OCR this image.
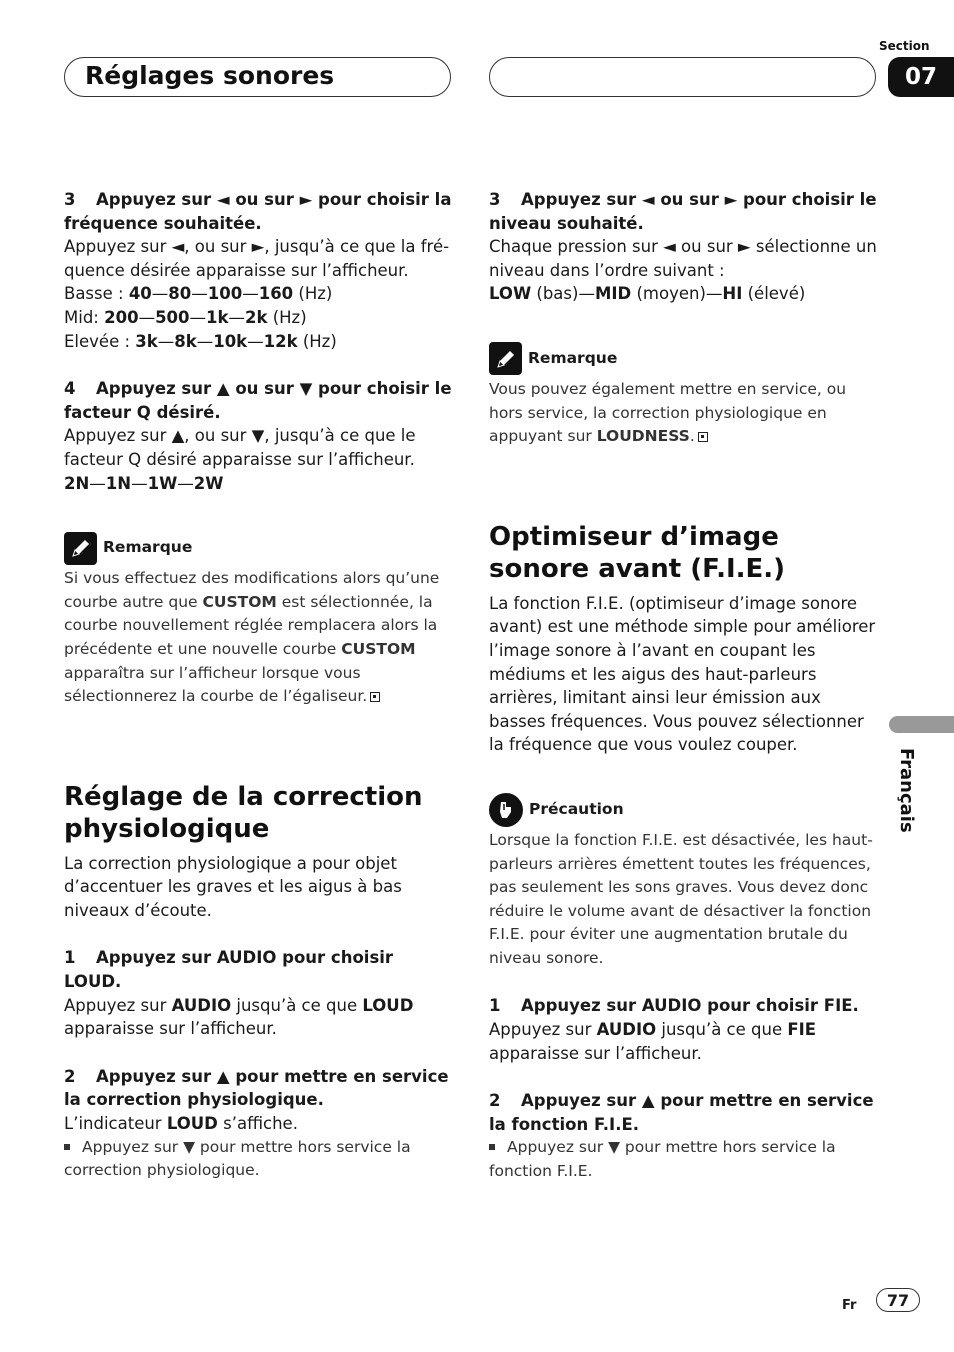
Réglages sonores
Section
07
Français

3 Appuyez sur ◄ ou sur ► pour choisir la fréquence souhaitée.

Appuyez sur ◄, ou sur ►, jusqu’à ce que la fré-quence désirée apparaisse sur l’afficheur.

Basse : 40—80—100—160 (Hz)

Mid: 200—500—1k—2k (Hz)

Elevée : 3k—8k—10k—12k (Hz)

4 Appuyez sur ▲ ou sur ▼ pour choisir le facteur Q désiré.

Appuyez sur ▲, ou sur ▼, jusqu’à ce que le facteur Q désiré apparaisse sur l’afficheur.

2N—1N—1W—2W

Remarque

Si vous effectuez des modifications alors qu’une courbe autre que CUSTOM est sélectionnée, la courbe nouvellement réglée remplacera alors la précédente et une nouvelle courbe CUSTOM apparaîtra sur l’afficheur lorsque vous sélectionnerez la courbe de l’égaliseur.

Réglage de la correction physiologique

La correction physiologique a pour objet d’accentuer les graves et les aigus à bas niveaux d’écoute.

1 Appuyez sur AUDIO pour choisir LOUD.

Appuyez sur AUDIO jusqu’à ce que LOUD apparaisse sur l’afficheur.

2 Appuyez sur ▲ pour mettre en service la correction physiologique.

L’indicateur LOUD s’affiche.

Appuyez sur ▼ pour mettre hors service la correction physiologique.

3 Appuyez sur ◄ ou sur ► pour choisir le niveau souhaité.

Chaque pression sur ◄ ou sur ► sélectionne un niveau dans l’ordre suivant :

LOW (bas)—MID (moyen)—HI (élevé)

Remarque

Vous pouvez également mettre en service, ou hors service, la correction physiologique en appuyant sur LOUDNESS.

Optimiseur d’image sonore avant (F.I.E.)

La fonction F.I.E. (optimiseur d’image sonore avant) est une méthode simple pour améliorer l’image sonore à l’avant en coupant les médiums et les aigus des haut-parleurs arrières, limitant ainsi leur émission aux basses fréquences. Vous pouvez sélectionner la fréquence que vous voulez couper.

Précaution

Lorsque la fonction F.I.E. est désactivée, les haut-parleurs arrières émettent toutes les fréquences, pas seulement les sons graves. Vous devez donc réduire le volume avant de désactiver la fonction F.I.E. pour éviter une augmentation brutale du niveau sonore.

1 Appuyez sur AUDIO pour choisir FIE.

Appuyez sur AUDIO jusqu’à ce que FIE apparaisse sur l’afficheur.

2 Appuyez sur ▲ pour mettre en service la fonction F.I.E.

Appuyez sur ▼ pour mettre hors service la fonction F.I.E.

Fr	77
